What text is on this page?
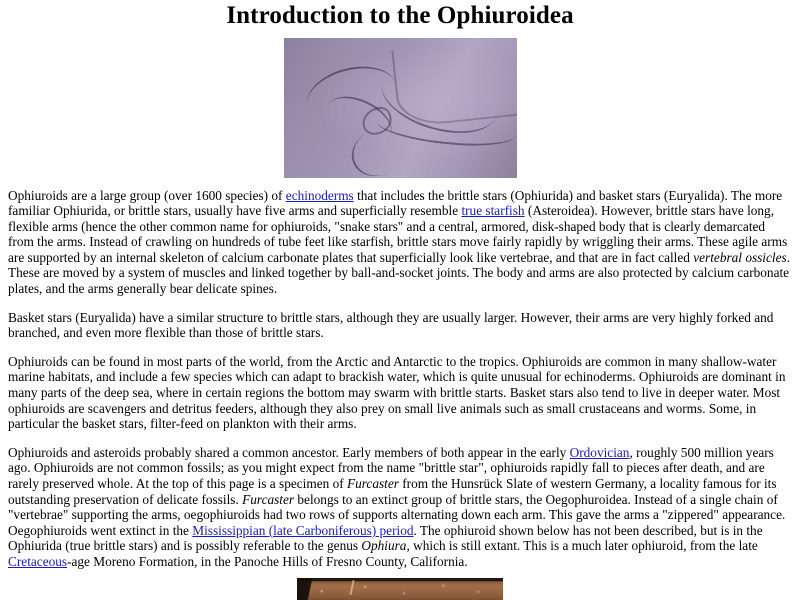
Introduction to the Ophiuroidea

Ophiuroids are a large group (over 1600 species) of echinoderms that includes the brittle stars (Ophiurida) and basket stars (Euryalida). The more familiar Ophiurida, or brittle stars, usually have five arms and superficially resemble true starfish (Asteroidea). However, brittle stars have long, flexible arms (hence the other common name for ophiuroids, "snake stars" and a central, armored, disk-shaped body that is clearly demarcated from the arms. Instead of crawling on hundreds of tube feet like starfish, brittle stars move fairly rapidly by wriggling their arms. These agile arms are supported by an internal skeleton of calcium carbonate plates that superficially look like vertebrae, and that are in fact called vertebral ossicles. These are moved by a system of muscles and linked together by ball-and-socket joints. The body and arms are also protected by calcium carbonate plates, and the arms generally bear delicate spines.

Basket stars (Euryalida) have a similar structure to brittle stars, although they are usually larger. However, their arms are very highly forked and branched, and even more flexible than those of brittle stars.

Ophiuroids can be found in most parts of the world, from the Arctic and Antarctic to the tropics. Ophiuroids are common in many shallow-water marine habitats, and include a few species which can adapt to brackish water, which is quite unusual for echinoderms. Ophiuroids are dominant in many parts of the deep sea, where in certain regions the bottom may swarm with brittle starts. Basket stars also tend to live in deeper water. Most ophiuroids are scavengers and detritus feeders, although they also prey on small live animals such as small crustaceans and worms. Some, in particular the basket stars, filter-feed on plankton with their arms.

Ophiuroids and asteroids probably shared a common ancestor. Early members of both appear in the early Ordovician, roughly 500 million years ago. Ophiuroids are not common fossils; as you might expect from the name "brittle star", ophiuroids rapidly fall to pieces after death, and are rarely preserved whole. At the top of this page is a specimen of Furcaster from the Hunsrück Slate of western Germany, a locality famous for its outstanding preservation of delicate fossils. Furcaster belongs to an extinct group of brittle stars, the Oegophuroidea. Instead of a single chain of "vertebrae" supporting the arms, oegophiuroids had two rows of supports alternating down each arm. This gave the arms a "zippered" appearance. Oegophiuroids went extinct in the Mississippian (late Carboniferous) period. The ophiuroid shown below has not been described, but is in the Ophiurida (true brittle stars) and is possibly referable to the genus Ophiura, which is still extant. This is a much later ophiuroid, from the late Cretaceous-age Moreno Formation, in the Panoche Hills of Fresno County, California.
